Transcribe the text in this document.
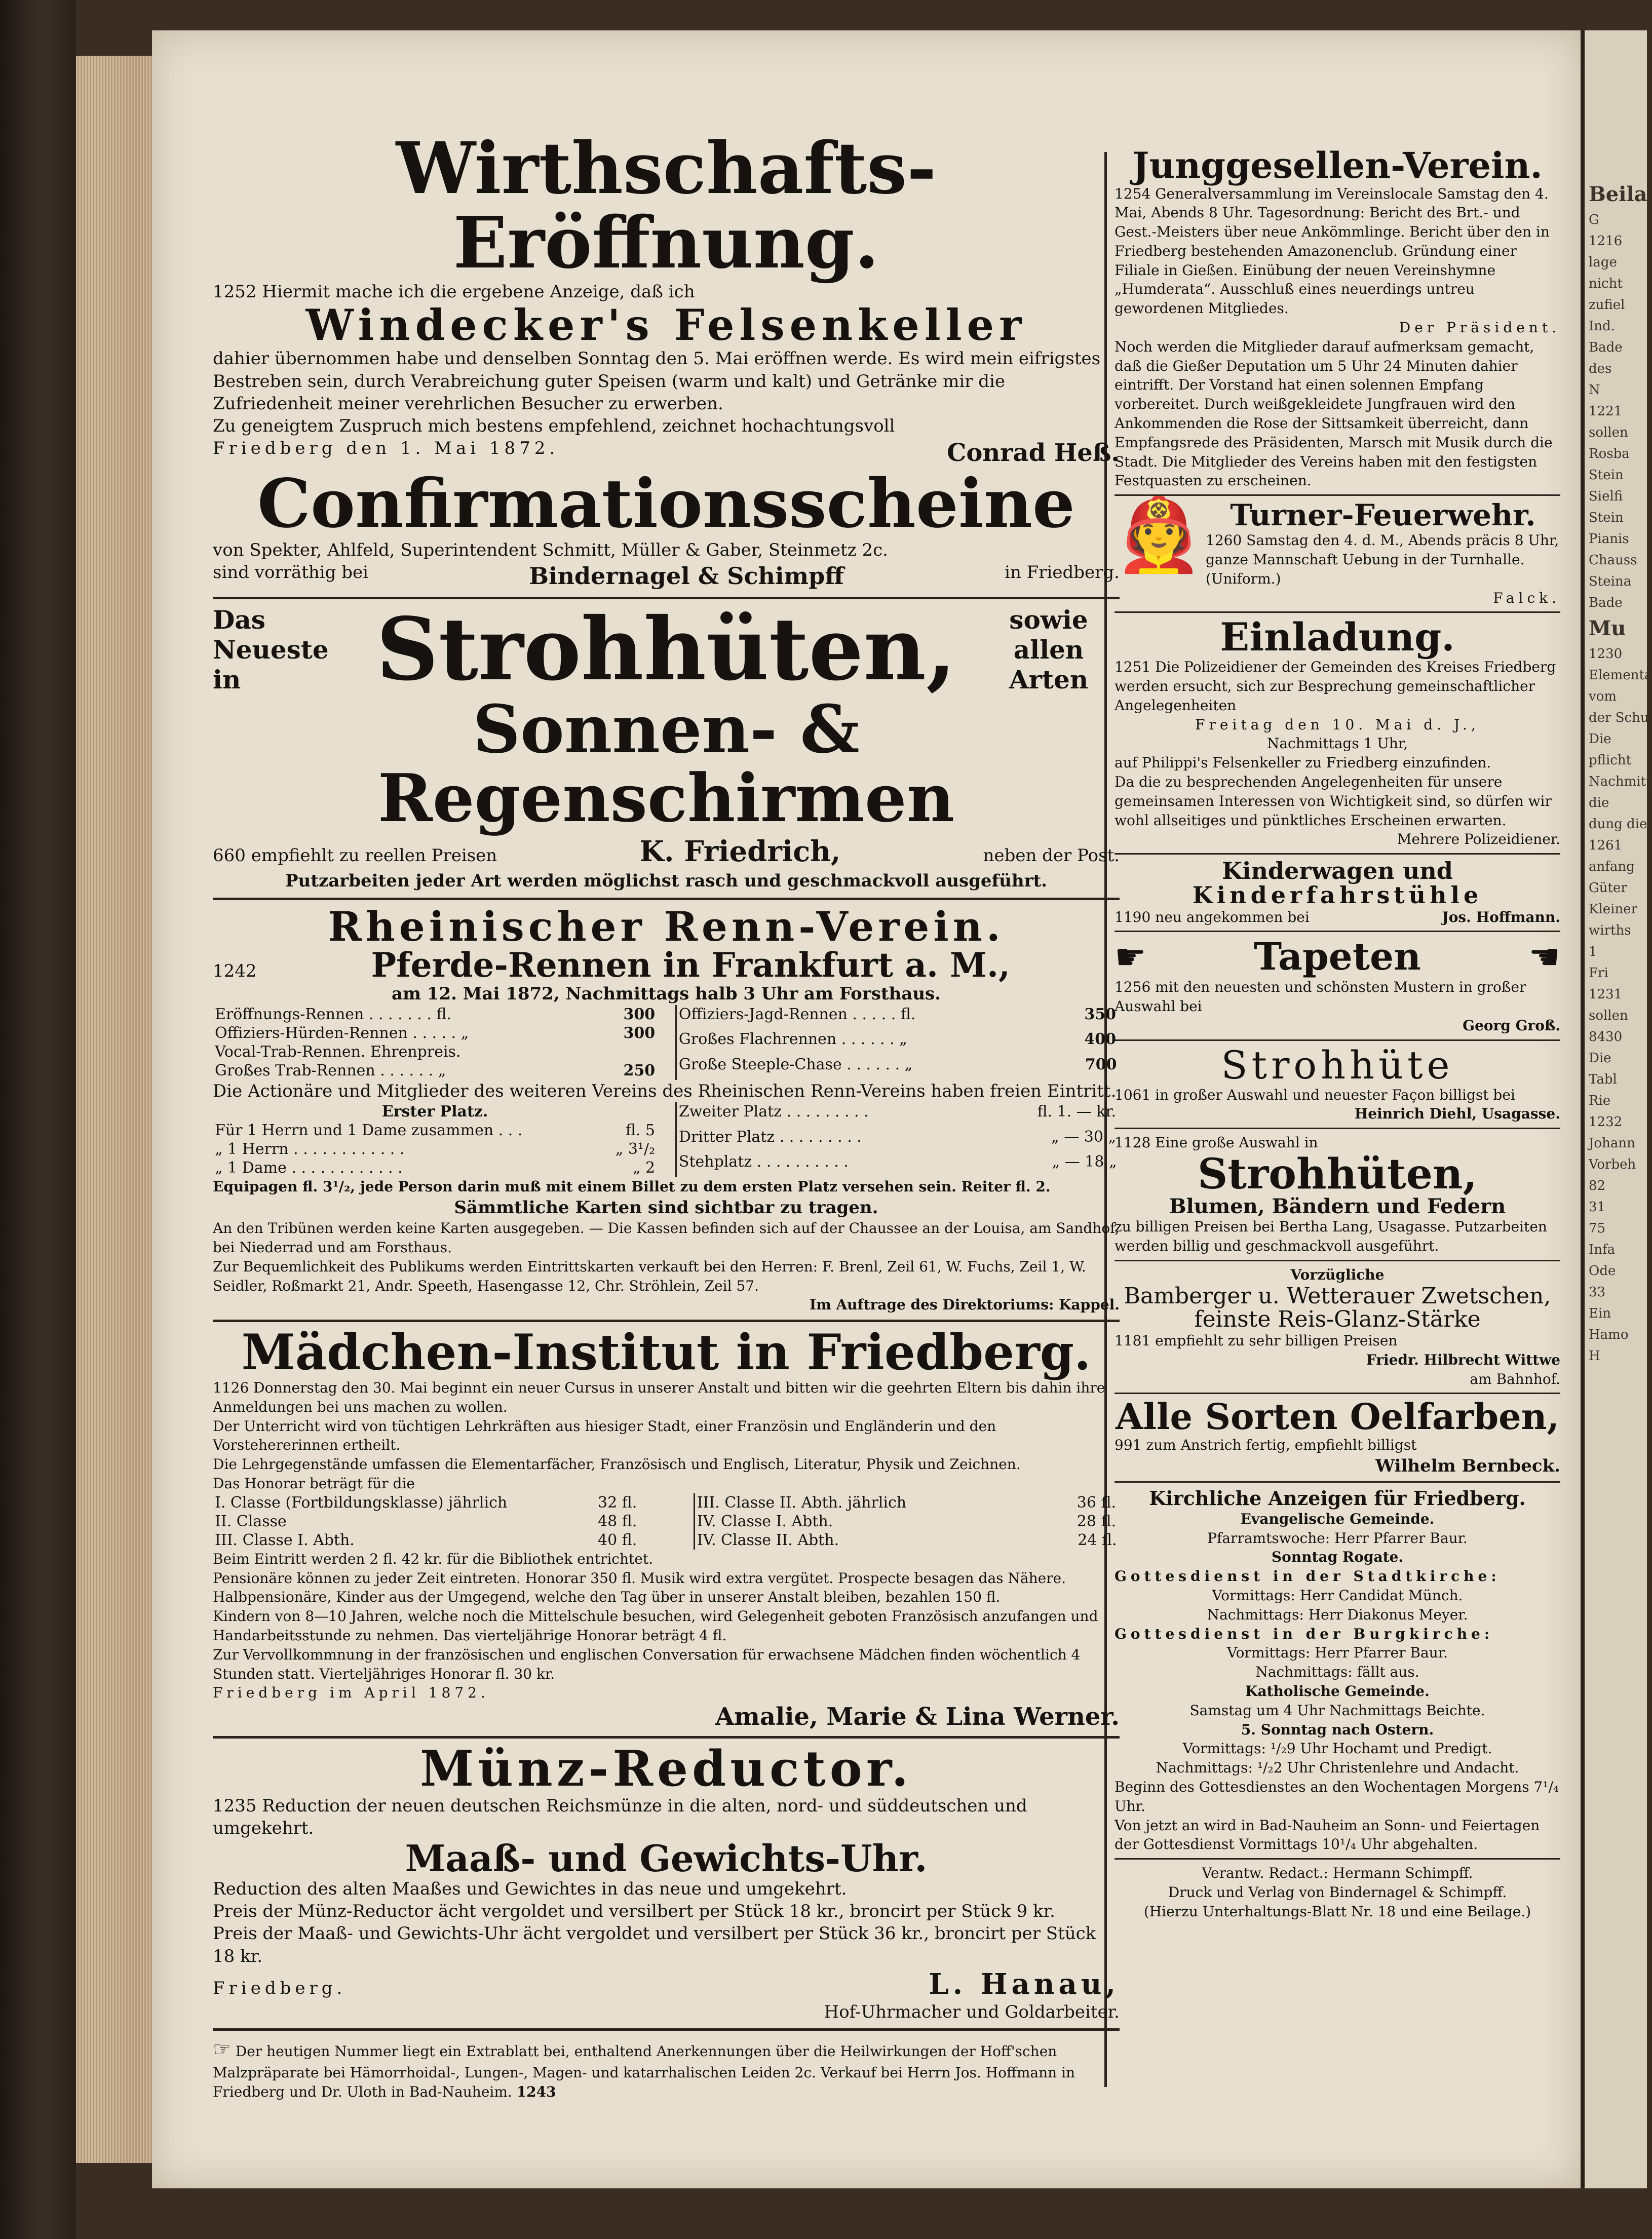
Wirthschafts-Eröffnung.
1252 Hiermit mache ich die ergebene Anzeige, daß ich
Windecker's Felsenkeller
dahier übernommen habe und denselben Sonntag den 5. Mai eröffnen werde. Es wird mein eifrigstes Bestreben sein, durch Verabreichung guter Speisen (warm und kalt) und Getränke mir die Zufriedenheit meiner verehrlichen Besucher zu erwerben.
Zu geneigtem Zuspruch mich bestens empfehlend, zeichnet hochachtungsvoll
Friedberg den 1. Mai 1872.	Conrad Heß.
Confirmationsscheine
von Spekter, Ahlfeld, Superintendent Schmitt, Müller & Gaber, Steinmetz 2c.
sind vorräthig bei	Bindernagel & Schimpff	in Friedberg.
Das Neueste in	Strohhüten,	sowie allen Arten
Sonnen- & Regenschirmen
660 empfiehlt zu reellen Preisen	K. Friedrich,	neben der Post.
Putzarbeiten jeder Art werden möglichst rasch und geschmackvoll ausgeführt.
Rheinischer Renn-Verein.
1242	Pferde-Rennen in Frankfurt a. M.,
am 12. Mai 1872, Nachmittags halb 3 Uhr am Forsthaus.
Eröffnungs-Rennen . . . . . . . fl.	300
Offiziers-Hürden-Rennen . . . . . „	300
Vocal-Trab-Rennen. Ehrenpreis.	
Großes Trab-Rennen . . . . . . „	250
Offiziers-Jagd-Rennen . . . . . fl.	350
Großes Flachrennen . . . . . . „	400
Große Steeple-Chase . . . . . . „	700
Die Actionäre und Mitglieder des weiteren Vereins des Rheinischen Renn-Vereins haben freien Eintritt.
Erster Platz.	
Für 1 Herrn und 1 Dame zusammen . . .	fl. 5
„ 1 Herrn . . . . . . . . . . . .	„ 3¹/₂
„ 1 Dame . . . . . . . . . . . .	„ 2
Zweiter Platz . . . . . . . . .	fl. 1. — kr.
Dritter Platz . . . . . . . . .	„ — 30 „
Stehplatz . . . . . . . . . .	„ — 18 „
Equipagen fl. 3¹/₂, jede Person darin muß mit einem Billet zu dem ersten Platz versehen sein. Reiter fl. 2.
Sämmtliche Karten sind sichtbar zu tragen.
An den Tribünen werden keine Karten ausgegeben. — Die Kassen befinden sich auf der Chaussee an der Louisa, am Sandhof, bei Niederrad und am Forsthaus.
Zur Bequemlichkeit des Publikums werden Eintrittskarten verkauft bei den Herren: F. Brenl, Zeil 61, W. Fuchs, Zeil 1, W. Seidler, Roßmarkt 21, Andr. Speeth, Hasengasse 12, Chr. Ströhlein, Zeil 57.
Im Auftrage des Direktoriums: Kappel.
Mädchen-Institut in Friedberg.
1126 Donnerstag den 30. Mai beginnt ein neuer Cursus in unserer Anstalt und bitten wir die geehrten Eltern bis dahin ihre Anmeldungen bei uns machen zu wollen.
Der Unterricht wird von tüchtigen Lehrkräften aus hiesiger Stadt, einer Französin und Engländerin und den Vorstehererinnen ertheilt.
Die Lehrgegenstände umfassen die Elementarfächer, Französisch und Englisch, Literatur, Physik und Zeichnen.
Das Honorar beträgt für die
I. Classe (Fortbildungsklasse) jährlich	32 fl.
II. Classe	48 fl.
III. Classe I. Abth.	40 fl.
III. Classe II. Abth. jährlich	36 fl.
IV. Classe I. Abth.	28 fl.
IV. Classe II. Abth.	24 fl.
Beim Eintritt werden 2 fl. 42 kr. für die Bibliothek entrichtet.
Pensionäre können zu jeder Zeit eintreten. Honorar 350 fl. Musik wird extra vergütet. Prospecte besagen das Nähere. Halbpensionäre, Kinder aus der Umgegend, welche den Tag über in unserer Anstalt bleiben, bezahlen 150 fl.
Kindern von 8—10 Jahren, welche noch die Mittelschule besuchen, wird Gelegenheit geboten Französisch anzufangen und Handarbeitsstunde zu nehmen. Das vierteljährige Honorar beträgt 4 fl.
Zur Vervollkommnung in der französischen und englischen Conversation für erwachsene Mädchen finden wöchentlich 4 Stunden statt. Vierteljähriges Honorar fl. 30 kr.
Friedberg im April 1872.
Amalie, Marie & Lina Werner.
Münz-Reductor.
1235 Reduction der neuen deutschen Reichsmünze in die alten, nord- und süddeutschen und umgekehrt.
Maaß- und Gewichts-Uhr.
Reduction des alten Maaßes und Gewichtes in das neue und umgekehrt.
Preis der Münz-Reductor ächt vergoldet und versilbert per Stück 18 kr., broncirt per Stück 9 kr.
Preis der Maaß- und Gewichts-Uhr ächt vergoldet und versilbert per Stück 36 kr., broncirt per Stück 18 kr.
Friedberg.	L. Hanau,
Hof-Uhrmacher und Goldarbeiter.
☞ Der heutigen Nummer liegt ein Extrablatt bei, enthaltend Anerkennungen über die Heilwirkungen der Hoff'schen Malzpräparate bei Hämorrhoidal-, Lungen-, Magen- und katarrhalischen Leiden 2c. Verkauf bei Herrn Jos. Hoffmann in Friedberg und Dr. Uloth in Bad-Nauheim. 1243
Junggesellen-Verein.
1254 Generalversammlung im Vereinslocale Samstag den 4. Mai, Abends 8 Uhr. Tagesordnung: Bericht des Brt.- und Gest.-Meisters über neue Ankömmlinge. Bericht über den in Friedberg bestehenden Amazonenclub. Gründung einer Filiale in Gießen. Einübung der neuen Vereinshymne „Humderata“. Ausschluß eines neuerdings untreu gewordenen Mitgliedes.
Der Präsident.
Noch werden die Mitglieder darauf aufmerksam gemacht, daß die Gießer Deputation um 5 Uhr 24 Minuten dahier eintrifft. Der Vorstand hat einen solennen Empfang vorbereitet. Durch weißgekleidete Jungfrauen wird den Ankommenden die Rose der Sittsamkeit überreicht, dann Empfangsrede des Präsidenten, Marsch mit Musik durch die Stadt. Die Mitglieder des Vereins haben mit den festigsten Festquasten zu erscheinen.
🧑‍🚒 Turner-Feuerwehr.
1260 Samstag den 4. d. M., Abends präcis 8 Uhr, ganze Mannschaft Uebung in der Turnhalle. (Uniform.)
Falck.
Einladung.
1251 Die Polizeidiener der Gemeinden des Kreises Friedberg werden ersucht, sich zur Besprechung gemeinschaftlicher Angelegenheiten
Freitag den 10. Mai d. J.,
Nachmittags 1 Uhr,
auf Philippi's Felsenkeller zu Friedberg einzufinden.
Da die zu besprechenden Angelegenheiten für unsere gemeinsamen Interessen von Wichtigkeit sind, so dürfen wir wohl allseitiges und pünktliches Erscheinen erwarten.
Mehrere Polizeidiener.
Kinderwagen und
Kinderfahrstühle
1190 neu angekommen bei	Jos. Hoffmann.
☛	Tapeten	☚
1256 mit den neuesten und schönsten Mustern in großer Auswahl bei
Georg Groß.
Strohhüte
1061 in großer Auswahl und neuester Façon billigst bei
Heinrich Diehl, Usagasse.
1128 Eine große Auswahl in
Strohhüten,
Blumen, Bändern und Federn
zu billigen Preisen bei Bertha Lang, Usagasse. Putzarbeiten werden billig und geschmackvoll ausgeführt.
Vorzügliche
Bamberger u. Wetterauer Zwetschen,
feinste Reis-Glanz-Stärke
1181 empfiehlt zu sehr billigen Preisen
Friedr. Hilbrecht Wittwe
am Bahnhof.
Alle Sorten Oelfarben,
991 zum Anstrich fertig, empfiehlt billigst
Wilhelm Bernbeck.
Kirchliche Anzeigen für Friedberg.
Evangelische Gemeinde.
Pfarramtswoche: Herr Pfarrer Baur.
Sonntag Rogate.
Gottesdienst in der Stadtkirche:
Vormittags: Herr Candidat Münch.
Nachmittags: Herr Diakonus Meyer.
Gottesdienst in der Burgkirche:
Vormittags: Herr Pfarrer Baur.
Nachmittags: fällt aus.
Katholische Gemeinde.
Samstag um 4 Uhr Nachmittags Beichte.
5. Sonntag nach Ostern.
Vormittags: ¹/₂9 Uhr Hochamt und Predigt.
Nachmittags: ¹/₂2 Uhr Christenlehre und Andacht.
Beginn des Gottesdienstes an den Wochentagen Morgens 7¹/₄ Uhr.
Von jetzt an wird in Bad-Nauheim an Sonn- und Feiertagen der Gottesdienst Vormittags 10¹/₄ Uhr abgehalten.
Verantw. Redact.: Hermann Schimpff.
Druck und Verlag von Bindernagel & Schimpff.
(Hierzu Unterhaltungs-Blatt Nr. 18 und eine Beilage.)
Beila
G
1216
lage
nicht
zufiel
Ind.
Bade
des
N
1221
sollen
Rosba
Stein
Sielfi
Stein
Pianis
Chauss
Steina
Bade
Mu
1230
Elementa
vom
der Schu
Die
pflicht
Nachmitt
die
dung die
1261
anfang
Güter
Kleiner
wirths
1
Fri
1231
sollen
8430
Die
Tabl
Rie
1232
Johann
Vorbeh
82
31
75
Infa
Ode
33
Ein
Hamo
H
